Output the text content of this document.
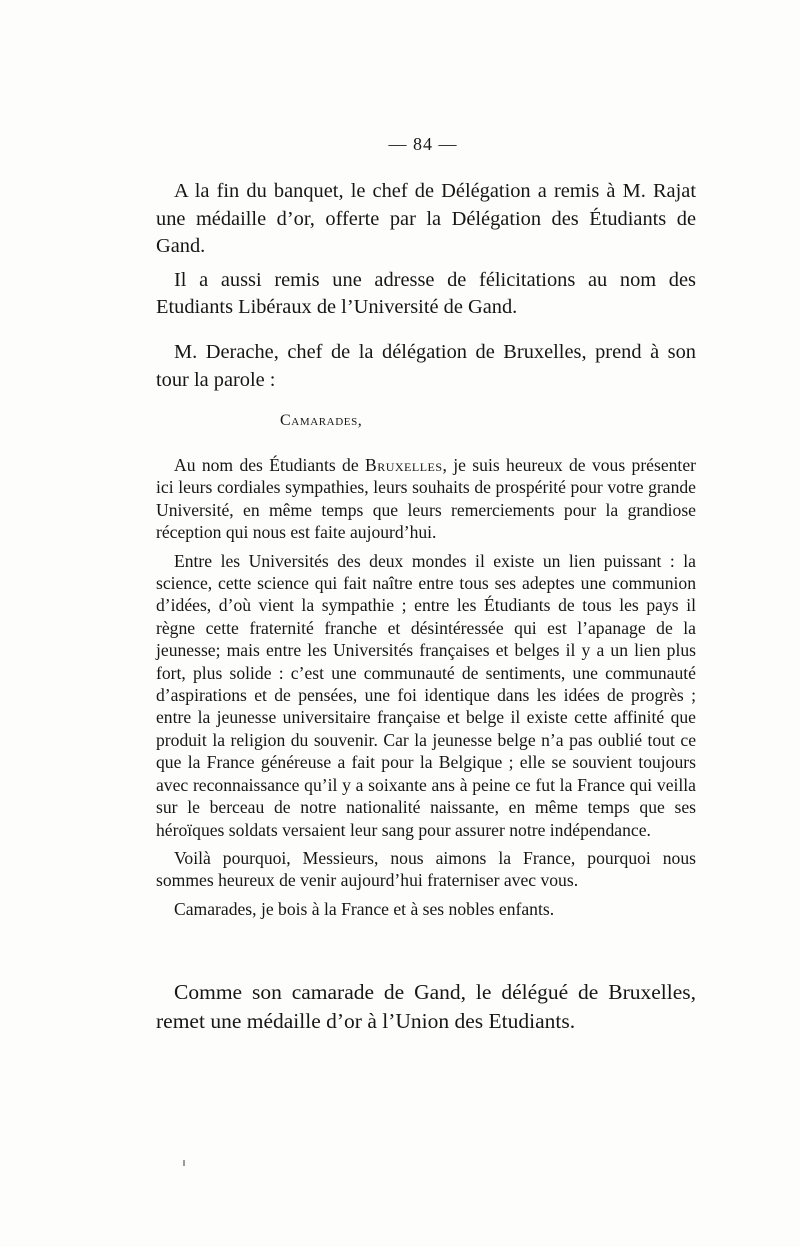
— 84 —

A la fin du banquet, le chef de Délégation a remis à M. Rajat une médaille d’or, offerte par la Délégation des Étudiants de Gand.

Il a aussi remis une adresse de félicitations au nom des Etudiants Libéraux de l’Université de Gand.

M. Derache, chef de la délégation de Bruxelles, prend à son tour la parole :

Camarades,

Au nom des Étudiants de Bruxelles, je suis heureux de vous présenter ici leurs cordiales sympathies, leurs souhaits de prospérité pour votre grande Université, en même temps que leurs remerciements pour la grandiose réception qui nous est faite aujourd’hui.

Entre les Universités des deux mondes il existe un lien puissant : la science, cette science qui fait naître entre tous ses adeptes une communion d’idées, d’où vient la sympathie ; entre les Étudiants de tous les pays il règne cette fraternité franche et désintéressée qui est l’apanage de la jeunesse; mais entre les Universités françaises et belges il y a un lien plus fort, plus solide : c’est une communauté de sentiments, une communauté d’aspirations et de pensées, une foi identique dans les idées de progrès ; entre la jeunesse universitaire française et belge il existe cette affinité que produit la religion du souvenir. Car la jeunesse belge n’a pas oublié tout ce que la France généreuse a fait pour la Belgique ; elle se souvient toujours avec reconnaissance qu’il y a soixante ans à peine ce fut la France qui veilla sur le berceau de notre nationalité naissante, en même temps que ses héroïques soldats versaient leur sang pour assurer notre indépendance.

Voilà pourquoi, Messieurs, nous aimons la France, pourquoi nous sommes heureux de venir aujourd’hui fraterniser avec vous.

Camarades, je bois à la France et à ses nobles enfants.

Comme son camarade de Gand, le délégué de Bruxelles, remet une médaille d’or à l’Union des Etudiants.
